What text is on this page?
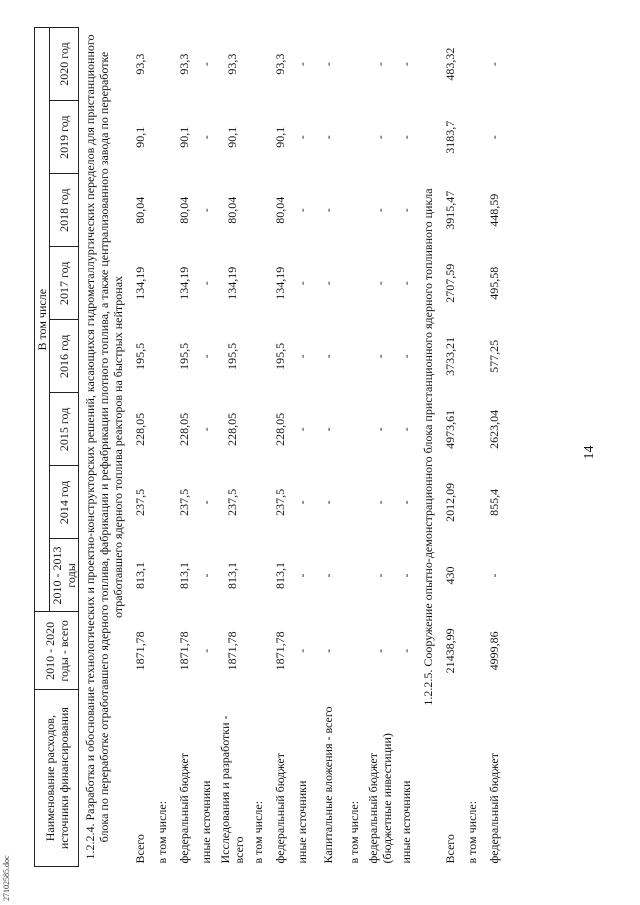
27102585.doc
Наименование расходов, источники финансирования	2010 - 2020 годы - всего	В том числе							
		2010 - 2013 годы	2014 год	2015 год	2016 год	2017 год	2018 год	2019 год	2020 год
1.2.2.4. Разработка и обоснование технологических и проектно-конструкторских решений, касающихся гидрометаллургических переделов для пристанционного блока по переработке отработавшего ядерного топлива, фабрикации и рефабрикации плотного топлива, а также централизованного завода по переработке отработавшего ядерного топлива реакторов на быстрых нейтронах									
Всего	1871,78	813,1	237,5	228,05	195,5	134,19	80,04	90,1	93,3
в том числе:									
федеральный бюджет	1871,78	813,1	237,5	228,05	195,5	134,19	80,04	90,1	93,3
иные источники	-	-	-	-	-	-	-	-	-
Исследования и разработки - всего	1871,78	813,1	237,5	228,05	195,5	134,19	80,04	90,1	93,3
в том числе:									
федеральный бюджет	1871,78	813,1	237,5	228,05	195,5	134,19	80,04	90,1	93,3
иные источники	-	-	-	-	-	-	-	-	-
Капитальные вложения - всего	-	-	-	-	-	-	-	-	-
в том числе:									
федеральный бюджет (бюджетные инвестиции)	-	-	-	-	-	-	-	-	-
иные источники	-	-	-	-	-	-	-	-	-
1.2.2.5. Сооружение опытно-демонстрационного блока пристанционного ядерного топливного цикла									
Всего	21438,99	430	2012,09	4973,61	3733,21	2707,59	3915,47	3183,7	483,32
в том числе:									
федеральный бюджет	4999,86	-	855,4	2623,04	577,25	495,58	448,59	-	-
14
